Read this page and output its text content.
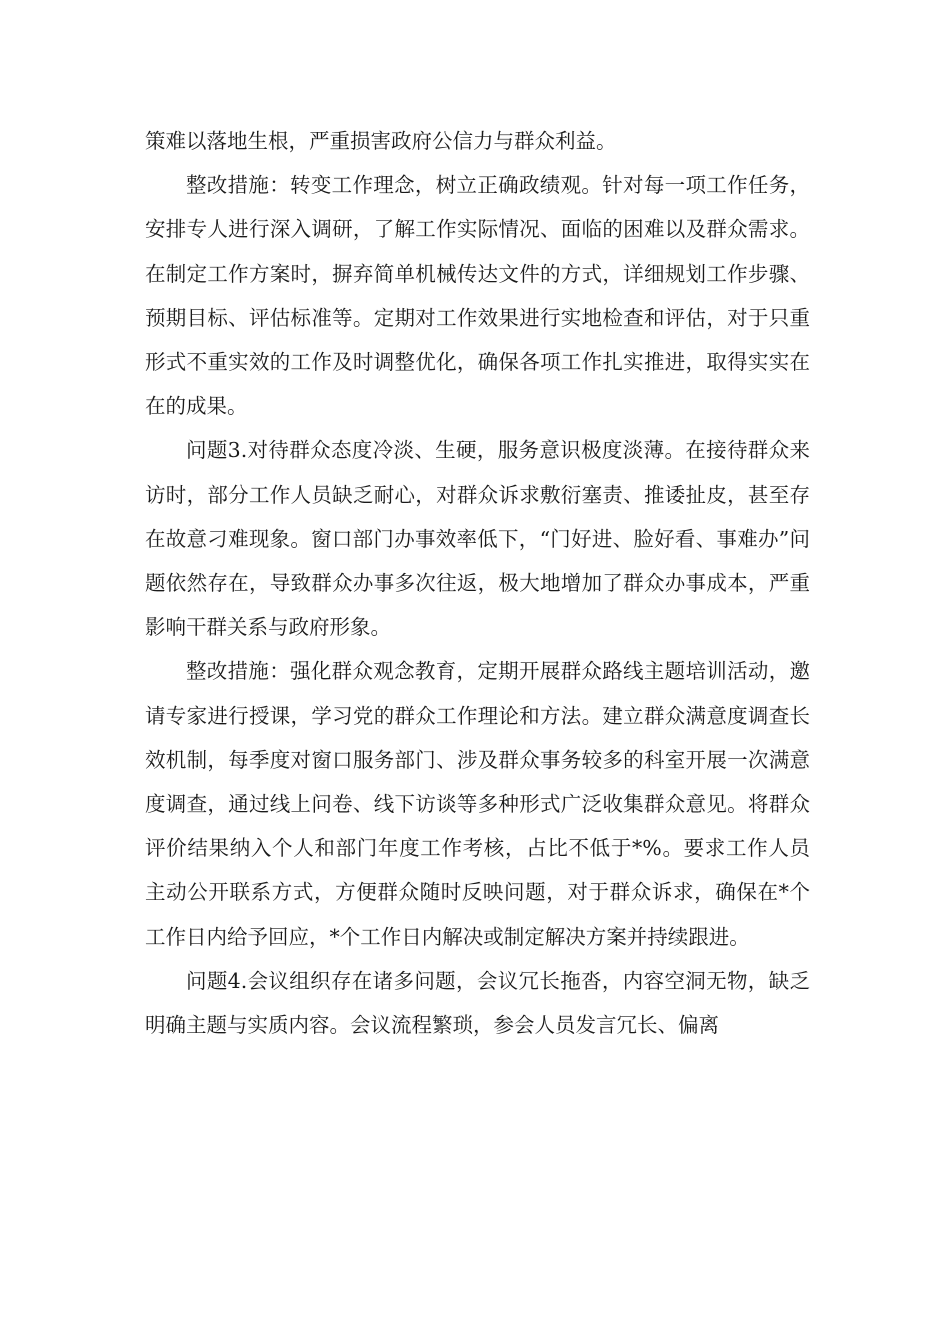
策难以落地生根，严重损害政府公信力与群众利益。

整改措施：转变工作理念，树立正确政绩观。针对每一项工作任务，安排专人进行深入调研，了解工作实际情况、面临的困难以及群众需求。在制定工作方案时，摒弃简单机械传达文件的方式，详细规划工作步骤、预期目标、评估标准等。定期对工作效果进行实地检查和评估，对于只重形式不重实效的工作及时调整优化，确保各项工作扎实推进，取得实实在在的成果。

问题3.对待群众态度冷淡、生硬，服务意识极度淡薄。在接待群众来访时，部分工作人员缺乏耐心，对群众诉求敷衍塞责、推诿扯皮，甚至存在故意刁难现象。窗口部门办事效率低下，“门好进、脸好看、事难办”问题依然存在，导致群众办事多次往返，极大地增加了群众办事成本，严重影响干群关系与政府形象。

整改措施：强化群众观念教育，定期开展群众路线主题培训活动，邀请专家进行授课，学习党的群众工作理论和方法。建立群众满意度调查长效机制，每季度对窗口服务部门、涉及群众事务较多的科室开展一次满意度调查，通过线上问卷、线下访谈等多种形式广泛收集群众意见。将群众评价结果纳入个人和部门年度工作考核，占比不低于*%。要求工作人员主动公开联系方式，方便群众随时反映问题，对于群众诉求，确保在*个工作日内给予回应，*个工作日内解决或制定解决方案并持续跟进。

问题4.会议组织存在诸多问题，会议冗长拖沓，内容空洞无物，缺乏明确主题与实质内容。会议流程繁琐，参会人员发言冗长、偏离
